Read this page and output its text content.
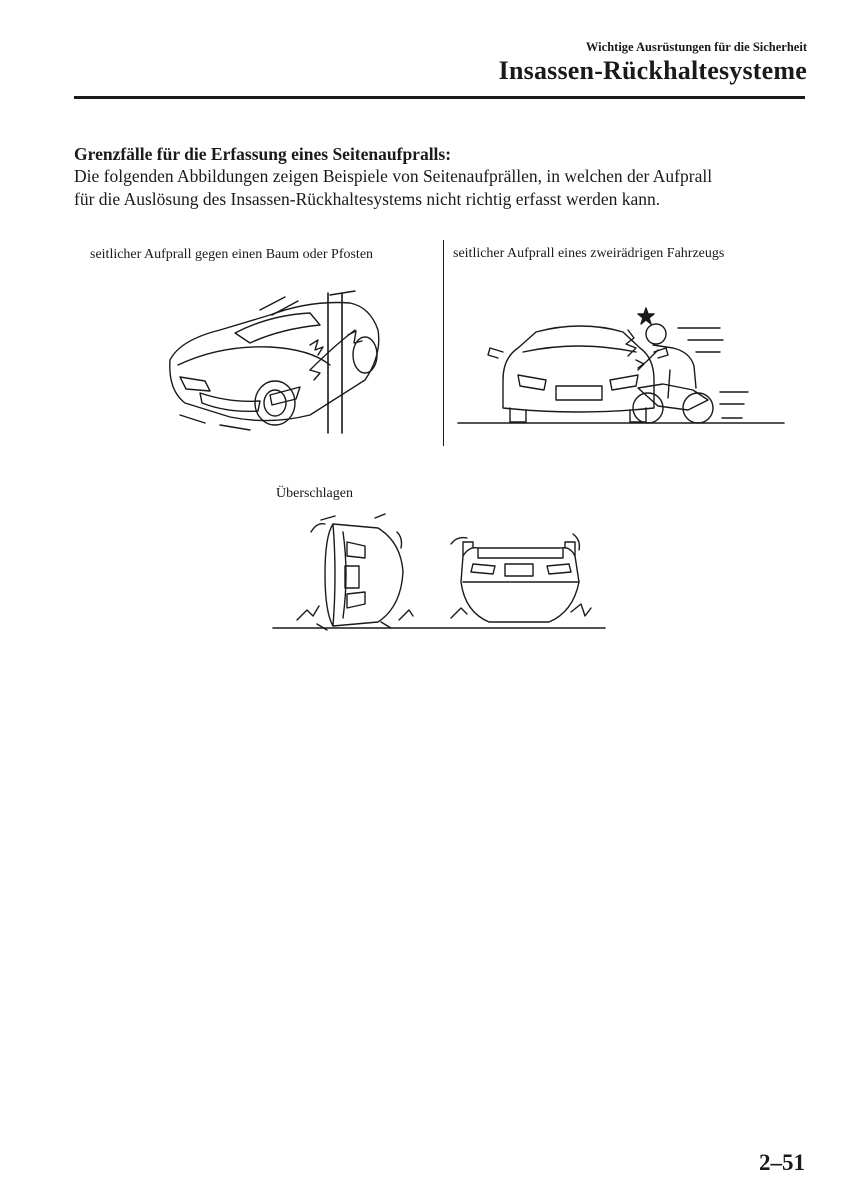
Wichtige Ausrüstungen für die Sicherheit
Insassen-Rückhaltesysteme
Grenzfälle für die Erfassung eines Seitenaufpralls:
Die folgenden Abbildungen zeigen Beispiele von Seitenaufprällen, in welchen der Aufprall
für die Auslösung des Insassen-Rückhaltesystems nicht richtig erfasst werden kann.
seitlicher Aufprall gegen einen Baum oder Pfosten	seitlicher Aufprall eines zweirädrigen Fahrzeugs
Überschlagen
2–51
